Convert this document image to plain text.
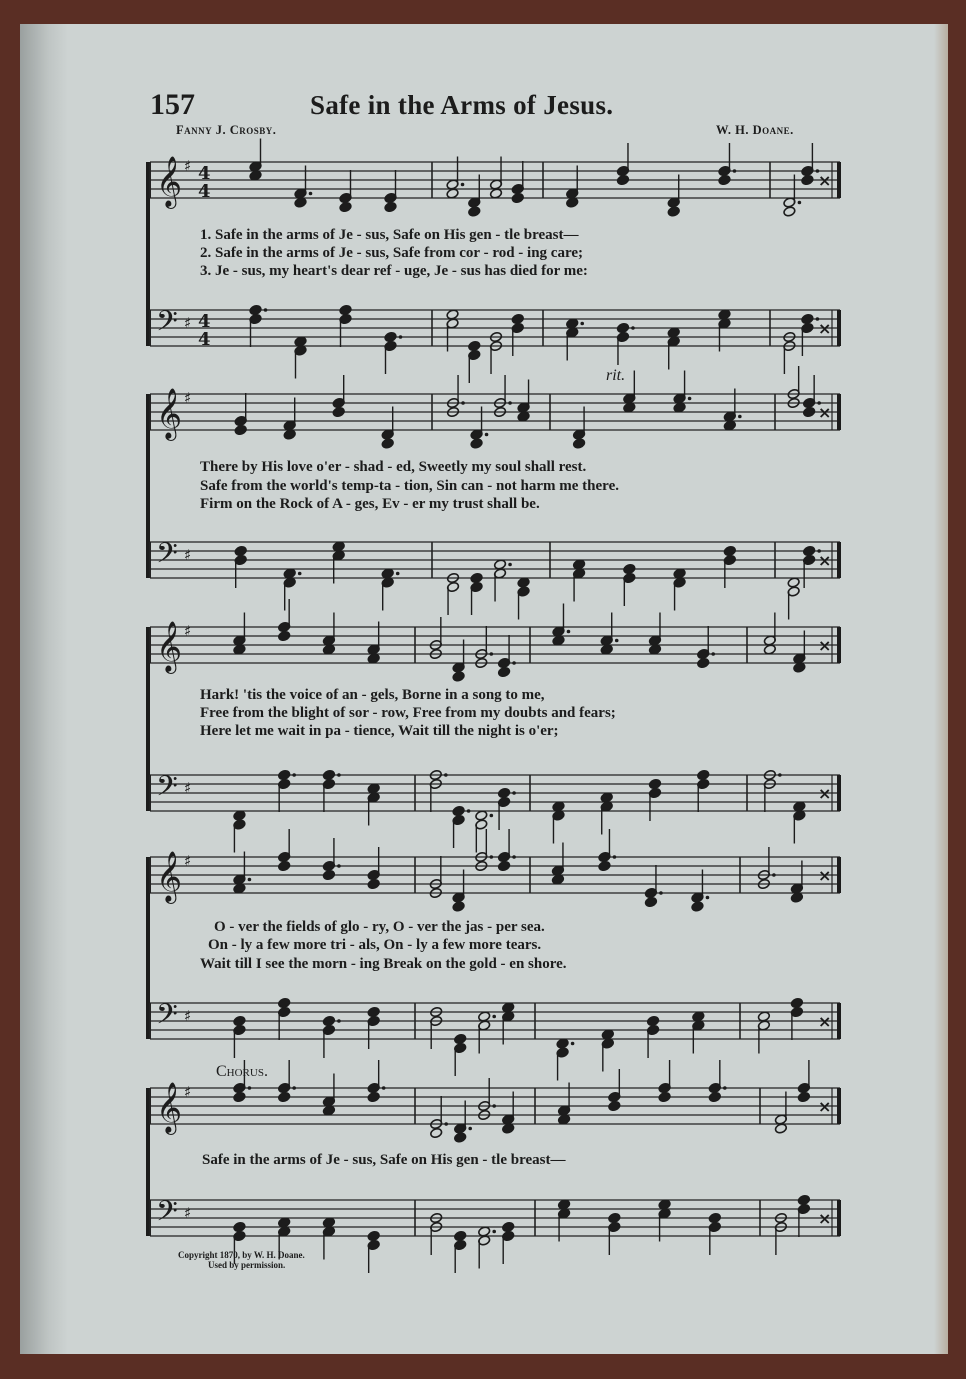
157	Safe in the Arms of Jesus.
Fanny J. Crosby.	W. H. Doane.
𝄞 ♯ 4
4
×
𝄢 ♯ 4
4
×
𝄞 ♯
×
𝄢 ♯	×
𝄞 ♯
×
𝄢 ♯	×
𝄞 ♯
×
𝄢 ♯	×
𝄞 ♯
×
𝄢 ♯	×
1. Safe in the arms of Je - sus, Safe on His gen - tle breast—
2. Safe in the arms of Je - sus, Safe from cor - rod - ing care;
3. Je - sus, my heart's dear ref - uge, Je - sus has died for me:
rit.
There by His love o'er - shad - ed, Sweetly my soul shall rest.
Safe from the world's temp-ta - tion, Sin can - not harm me there.
Firm on the Rock of A - ges, Ev - er my trust shall be.
Hark! 'tis the voice of an - gels, Borne in a song to me,
Free from the blight of sor - row, Free from my doubts and fears;
Here let me wait in pa - tience, Wait till the night is o'er;
O - ver the fields of glo - ry, O - ver the jas - per sea.
On - ly a few more tri - als, On - ly a few more tears.
Wait till I see the morn - ing Break on the gold - en shore.
Chorus.
Safe in the arms of Je - sus, Safe on His gen - tle breast—
Copyright 1870, by W. H. Doane.
Used by permission.
